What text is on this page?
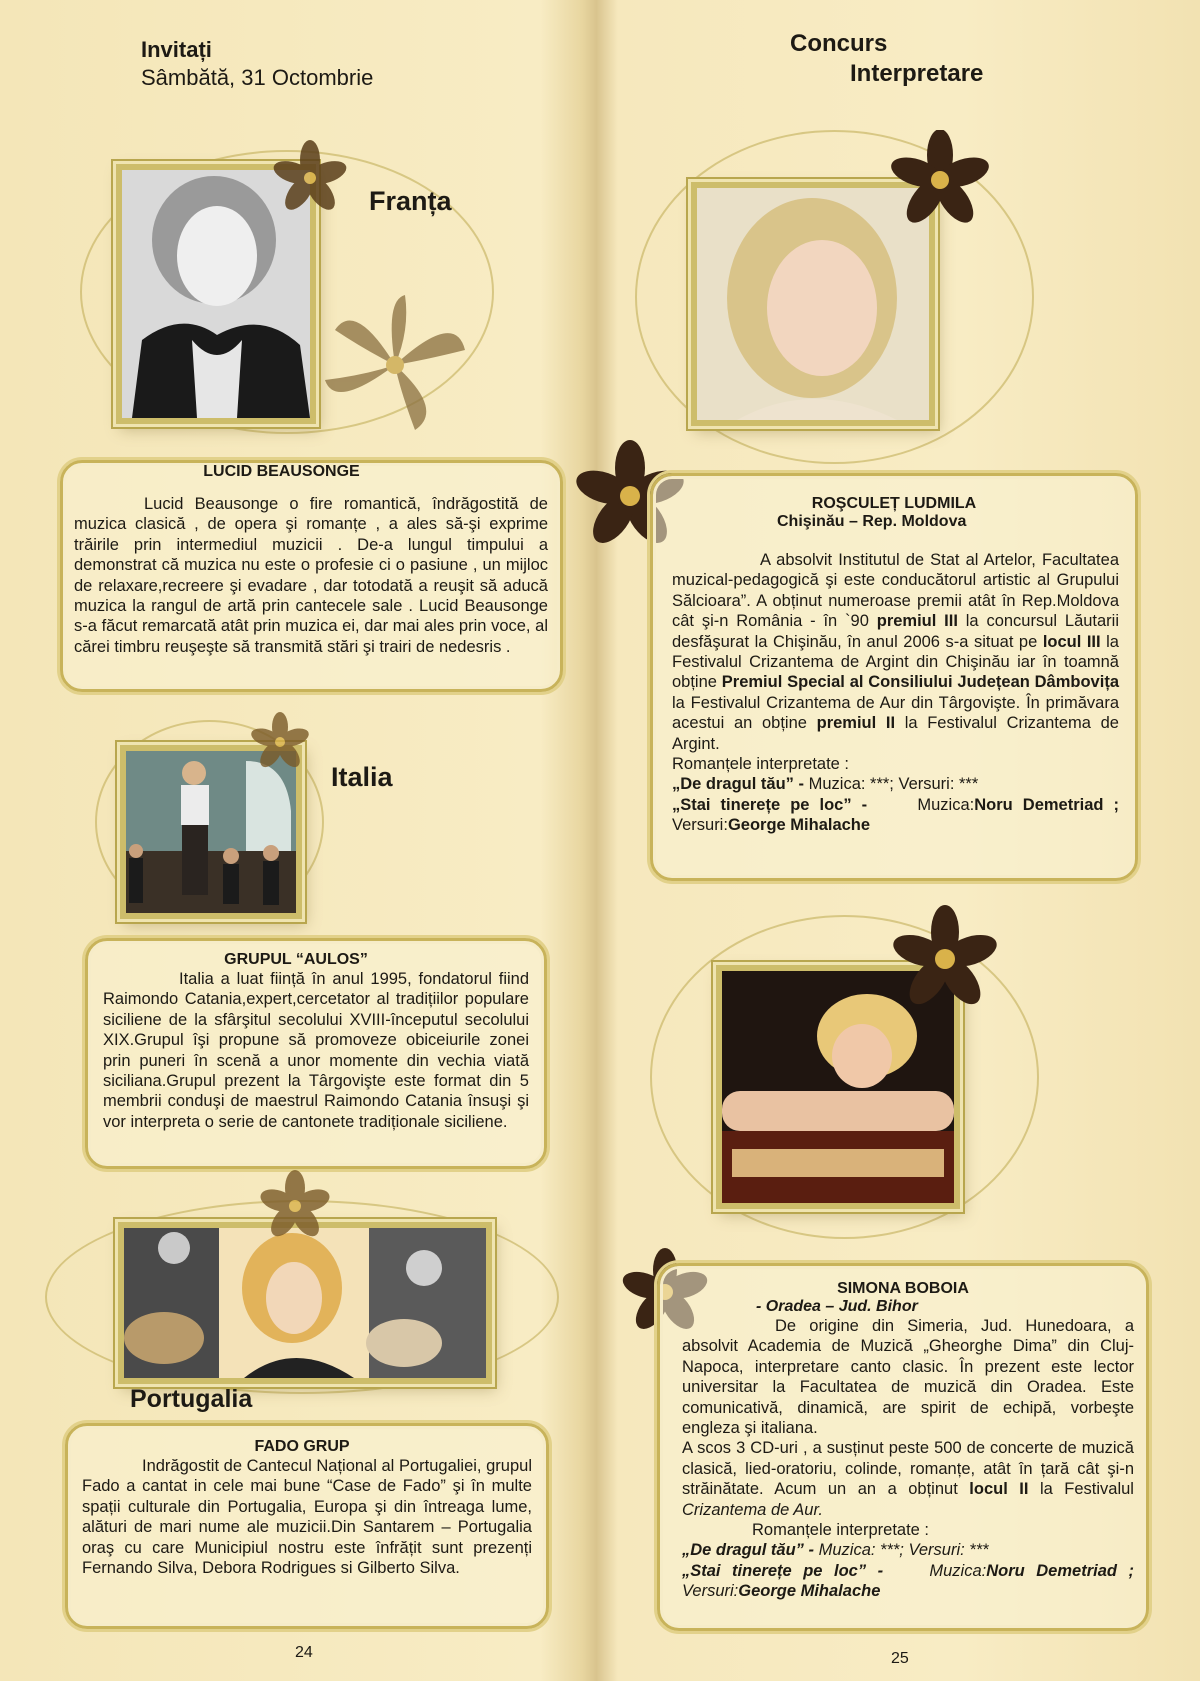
Invitați
Sâmbătă, 31 Octombrie
Franța

LUCID BEAUSONGE

Lucid Beausonge o fire romantică, îndrăgostită de muzica clasică , de opera şi romanțe , a ales să-şi exprime trăirile prin intermediul muzicii . De-a lungul timpului a demonstrat că muzica nu este o profesie ci o pasiune , un mijloc de relaxare,recreere şi evadare , dar totodată a reuşit să aducă muzica la rangul de artă prin cantecele sale . Lucid Beausonge s-a făcut remarcată atât prin muzica ei, dar mai ales prin voce, al cărei timbru reuşeşte să transmită stări şi trairi de nedesris .
Italia

GRUPUL “AULOS”

Italia a luat ființă în anul 1995, fondatorul fiind Raimondo Catania,expert,cercetator al tradițiilor populare siciliene de la sfârşitul secolului XVIII-începutul secolului XIX.Grupul îşi propune să promoveze obiceiurile zonei prin puneri în scenă a unor momente din vechia viată siciliana.Grupul prezent la Târgovişte este format din 5 membrii conduşi de maestrul Raimondo Catania însuşi şi vor interpreta o serie de cantonete tradiționale siciliene.
Portugalia

FADO GRUP

Indrăgostit de Cantecul Național al Portugaliei, grupul Fado a cantat in cele mai bune “Case de Fado” şi în multe spații culturale din Portugalia, Europa şi din întreaga lume, alături de mari nume ale muzicii.Din Santarem – Portugalia oraş cu care Municipiul nostru este înfrățit sunt prezenți Fernando Silva, Debora Rodrigues si Gilberto Silva.
24
Concurs
Interpretare
ROŞCULEȚ LUDMILA
Chişinău – Rep. Moldova
A absolvit Institutul de Stat al Artelor, Facultatea muzical-pedagogică şi este conducătorul artistic al Grupului Sălcioara”. A obținut numeroase premii atât în Rep.Moldova cât şi-n România - în `90 premiul III la concursul Lăutarii desfăşurat la Chişinău, în anul 2006 s-a situat pe locul III la Festivalul Crizantema de Argint din Chişinău iar în toamnă obține Premiul Special al Consiliului Județean Dâmbovița la Festivalul Crizantema de Aur din Târgovişte. În primăvara acestui an obține premiul II la Festivalul Crizantema de Argint.
Romanțele interpretate :
„De dragul tău” - Muzica: ***; Versuri: ***
„Stai tinerețe pe loc” -	Muzica:Noru Demetriad ; Versuri:George Mihalache
SIMONA BOBOIA
- Oradea – Jud. Bihor
De origine din Simeria, Jud. Hunedoara, a absolvit Academia de Muzică „Gheorghe Dima” din Cluj-Napoca, interpretare canto clasic. În prezent este lector universitar la Facultatea de muzică din Oradea. Este comunicativă, dinamică, are spirit de echipă, vorbeşte engleza şi italiana.
A scos 3 CD-uri , a susținut peste 500 de concerte de muzică clasică, lied-oratoriu, colinde, romanțe, atât în țară cât şi-n străinătate. Acum un an a obținut locul II la Festivalul Crizantema de Aur.
Romanțele interpretate :
„De dragul tău” - Muzica: ***; Versuri: ***
„Stai tinerețe pe loc” -	Muzica:Noru Demetriad ; Versuri:George Mihalache
25
